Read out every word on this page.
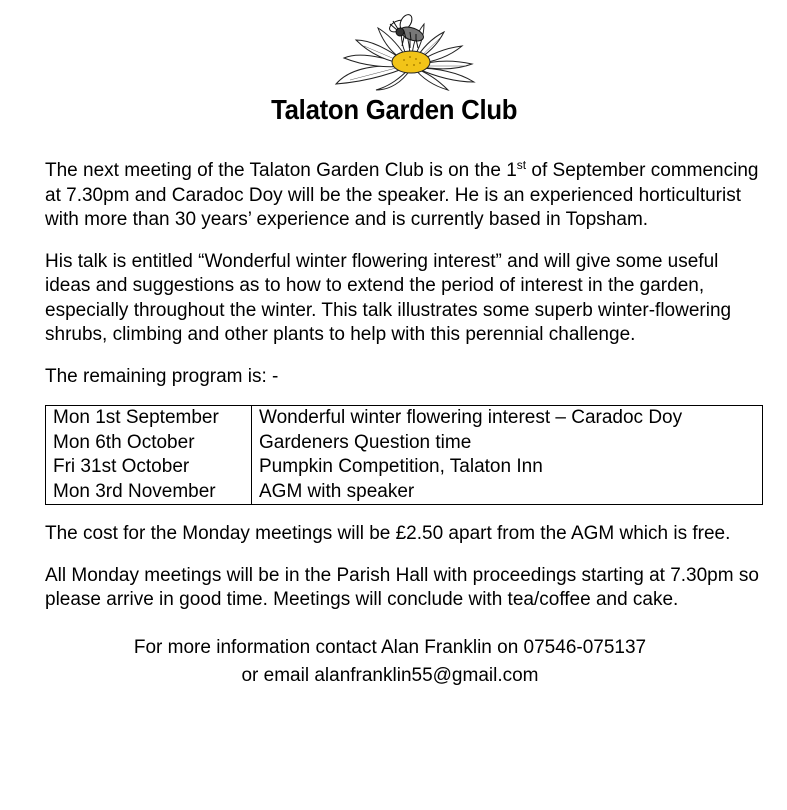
Talaton Garden Club

The next meeting of the Talaton Garden Club is on the 1st of September commencing at 7.30pm and Caradoc Doy will be the speaker. He is an experienced horticulturist with more than 30 years’ experience and is currently based in Topsham.

His talk is entitled “Wonderful winter flowering interest” and will give some useful ideas and suggestions as to how to extend the period of interest in the garden, especially throughout the winter. This talk illustrates some superb winter-flowering shrubs, climbing and other plants to help with this perennial challenge.

The remaining program is: -

Mon 1st September	Wonderful winter flowering interest – Caradoc Doy
Mon 6th October	Gardeners Question time
Fri 31st October	Pumpkin Competition, Talaton Inn
Mon 3rd November	AGM with speaker

The cost for the Monday meetings will be £2.50 apart from the AGM which is free.

All Monday meetings will be in the Parish Hall with proceedings starting at 7.30pm so please arrive in good time. Meetings will conclude with tea/coffee and cake.

For more information contact Alan Franklin on 07546-075137
or email alanfranklin55@gmail.com
